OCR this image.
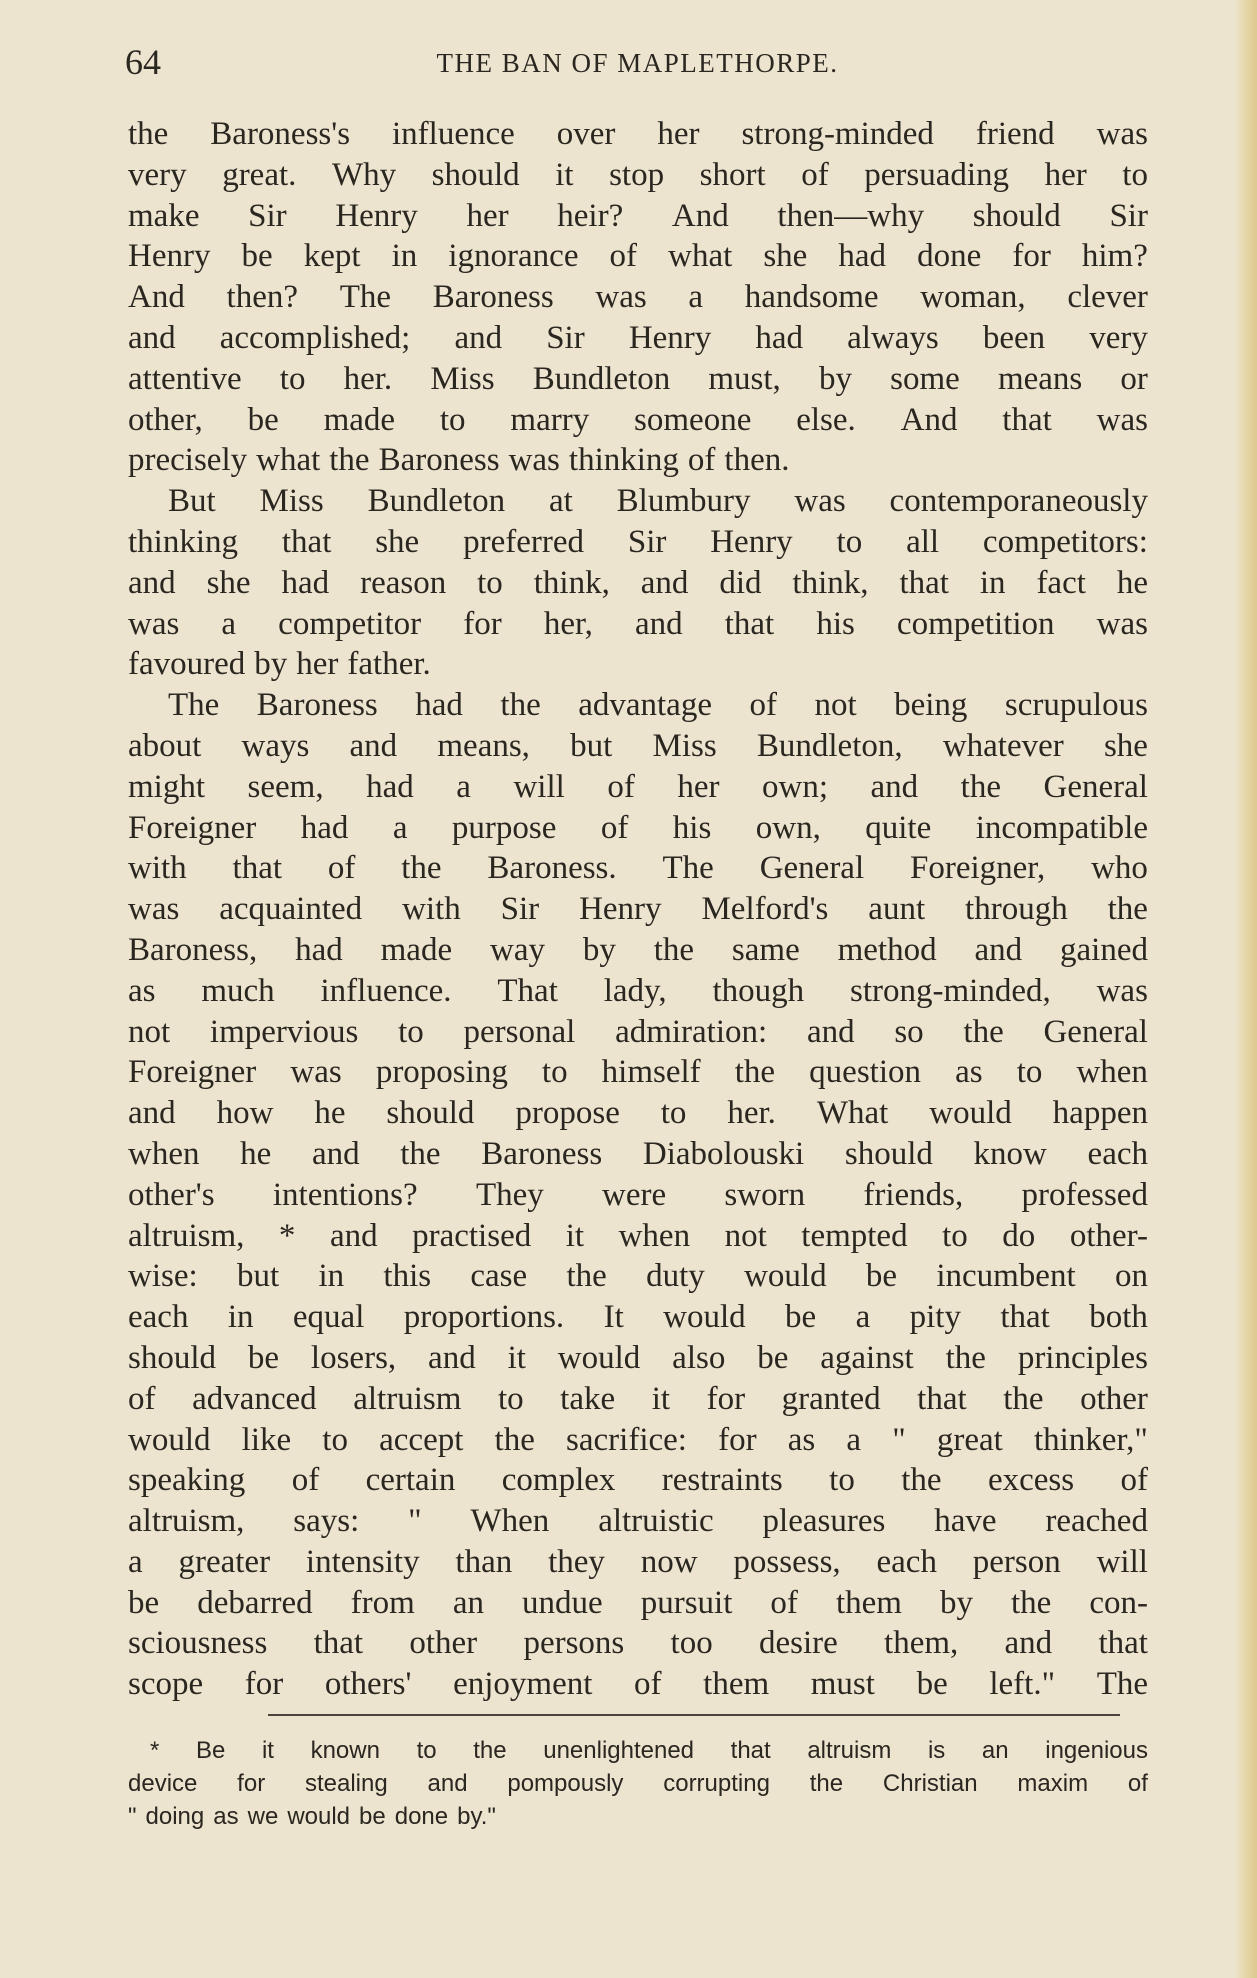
64	THE BAN OF MAPLETHORPE.
the Baroness's influence over her strong-minded friend was
very great. Why should it stop short of persuading her to
make Sir Henry her heir? And then—why should Sir
Henry be kept in ignorance of what she had done for him?
And then? The Baroness was a handsome woman, clever
and accomplished; and Sir Henry had always been very
attentive to her. Miss Bundleton must, by some means or
other, be made to marry someone else. And that was
precisely what the Baroness was thinking of then.
But Miss Bundleton at Blumbury was contemporaneously
thinking that she preferred Sir Henry to all competitors:
and she had reason to think, and did think, that in fact he
was a competitor for her, and that his competition was
favoured by her father.
The Baroness had the advantage of not being scrupulous
about ways and means, but Miss Bundleton, whatever she
might seem, had a will of her own; and the General
Foreigner had a purpose of his own, quite incompatible
with that of the Baroness. The General Foreigner, who
was acquainted with Sir Henry Melford's aunt through the
Baroness, had made way by the same method and gained
as much influence. That lady, though strong-minded, was
not impervious to personal admiration: and so the General
Foreigner was proposing to himself the question as to when
and how he should propose to her. What would happen
when he and the Baroness Diabolouski should know each
other's intentions? They were sworn friends, professed
altruism, * and practised it when not tempted to do other-
wise: but in this case the duty would be incumbent on
each in equal proportions. It would be a pity that both
should be losers, and it would also be against the principles
of advanced altruism to take it for granted that the other
would like to accept the sacrifice: for as a " great thinker,"
speaking of certain complex restraints to the excess of
altruism, says: " When altruistic pleasures have reached
a greater intensity than they now possess, each person will
be debarred from an undue pursuit of them by the con-
sciousness that other persons too desire them, and that
scope for others' enjoyment of them must be left." The
* Be it known to the unenlightened that altruism is an ingenious
device for stealing and pompously corrupting the Christian maxim of
" doing as we would be done by."
